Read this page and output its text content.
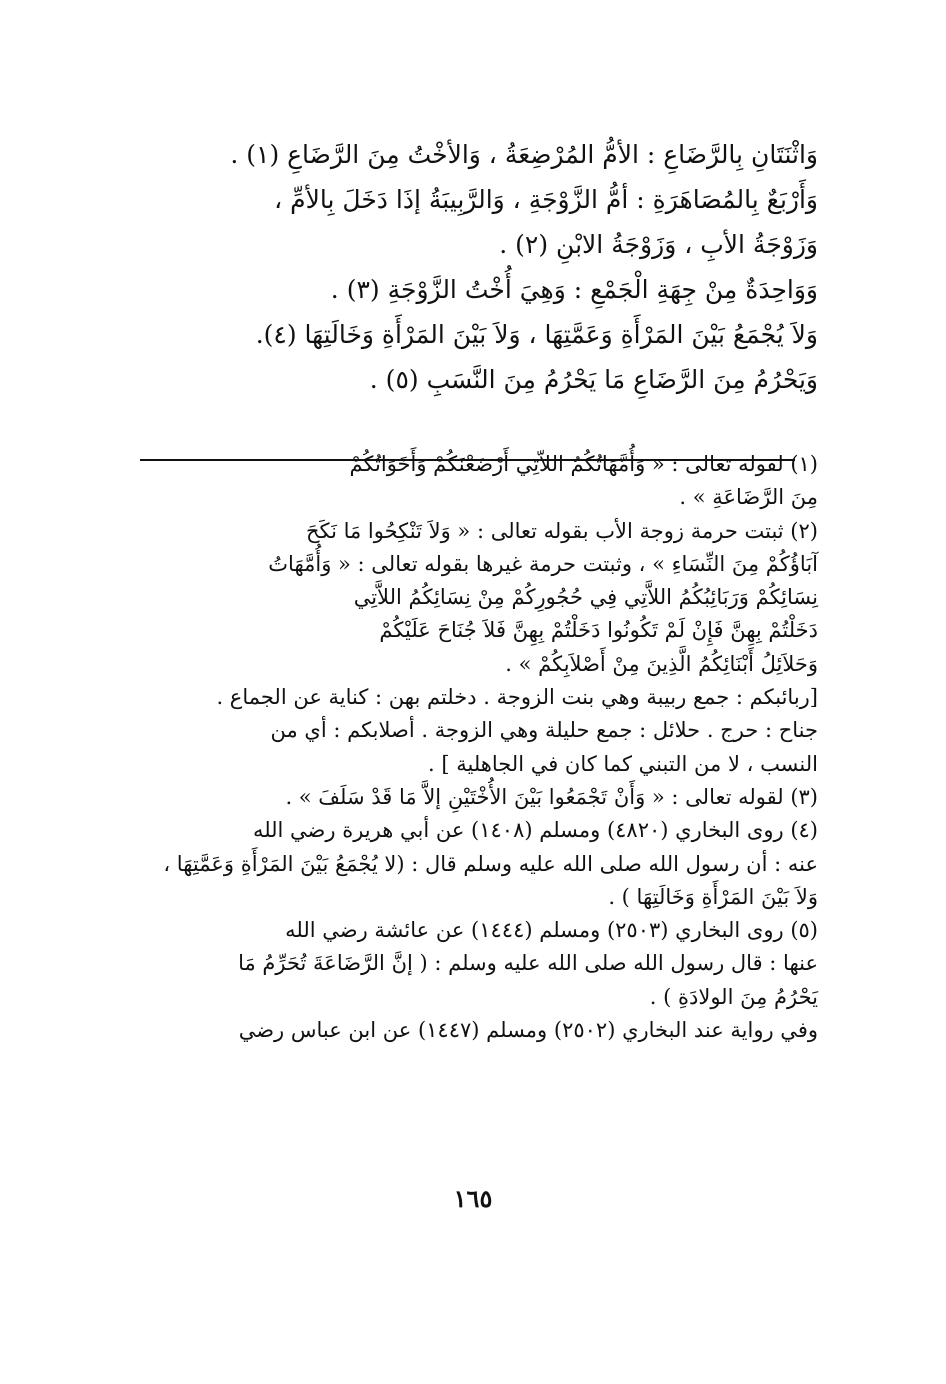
وَاثْنَتَانِ بِالرَّضَاعِ : الأمُّ المُرْضِعَةُ ، وَالأخْتُ مِنَ الرَّضَاعِ (١) .
وَأَرْبَعٌ بِالمُصَاهَرَةِ : أمُّ الزَّوْجَةِ ، وَالرَّبِيبَةُ إذَا دَخَلَ بِالأمِّ ،
وَزَوْجَةُ الأبِ ، وَزَوْجَةُ الابْنِ (٢) .
وَوَاحِدَةٌ مِنْ جِهَةِ الْجَمْعِ : وَهِيَ أُخْتُ الزَّوْجَةِ (٣) .
وَلاَ يُجْمَعُ بَيْنَ المَرْأَةِ وَعَمَّتِهَا ، وَلاَ بَيْنَ المَرْأَةِ وَخَالَتِهَا (٤).
وَيَحْرُمُ مِنَ الرَّضَاعِ مَا يَحْرُمُ مِنَ النَّسَبِ (٥) .
(١) لقوله تعالى : « وَأُمَّهَاتُكُمُ اللاّتِي أَرْضَعْنَكُمْ وَأَخَوَاتُكُمْ
مِنَ الرَّضَاعَةِ » .
(٢) ثبتت حرمة زوجة الأب بقوله تعالى : « وَلاَ تَنْكِحُوا مَا نَكَحَ
آبَاؤُكُمْ مِنَ النِّسَاءِ » ، وثبتت حرمة غيرها بقوله تعالى : « وَأُمَّهَاتُ
نِسَائِكُمْ وَرَبَائِبُكُمُ اللاَّتِي فِي حُجُورِكُمْ مِنْ نِسَائِكُمُ اللاَّتِي
دَخَلْتُمْ بِهِنَّ فَإِنْ لَمْ تَكُونُوا دَخَلْتُمْ بِهِنَّ فَلاَ جُنَاحَ عَلَيْكُمْ
وَحَلاَئِلُ أَبْنَائِكُمُ الَّذِينَ مِنْ أَصْلاَبِكُمْ » .
[ربائبكم : جمع ربيبة وهي بنت الزوجة . دخلتم بهن : كناية عن الجماع .
جناح : حرج . حلائل : جمع حليلة وهي الزوجة . أصلابكم : أي من
النسب ، لا من التبني كما كان في الجاهلية ] .
(٣) لقوله تعالى : « وَأَنْ تَجْمَعُوا بَيْنَ الأُخْتَيْنِ إلاَّ مَا قَدْ سَلَفَ » .
(٤) روى البخاري (٤٨٢٠) ومسلم (١٤٠٨) عن أبي هريرة رضي الله
عنه : أن رسول الله صلى الله عليه وسلم قال : (لا يُجْمَعُ بَيْنَ المَرْأَةِ وَعَمَّتِهَا ،
وَلاَ بَيْنَ المَرْأَةِ وَخَالَتِهَا ) .
(٥) روى البخاري (٢٥٠٣) ومسلم (١٤٤٤) عن عائشة رضي الله
عنها : قال رسول الله صلى الله عليه وسلم : ( إنَّ الرَّضَاعَةَ تُحَرِّمُ مَا
يَحْرُمُ مِنَ الولادَةِ ) .
وفي رواية عند البخاري (٢٥٠٢) ومسلم (١٤٤٧) عن ابن عباس رضي
١٦٥
